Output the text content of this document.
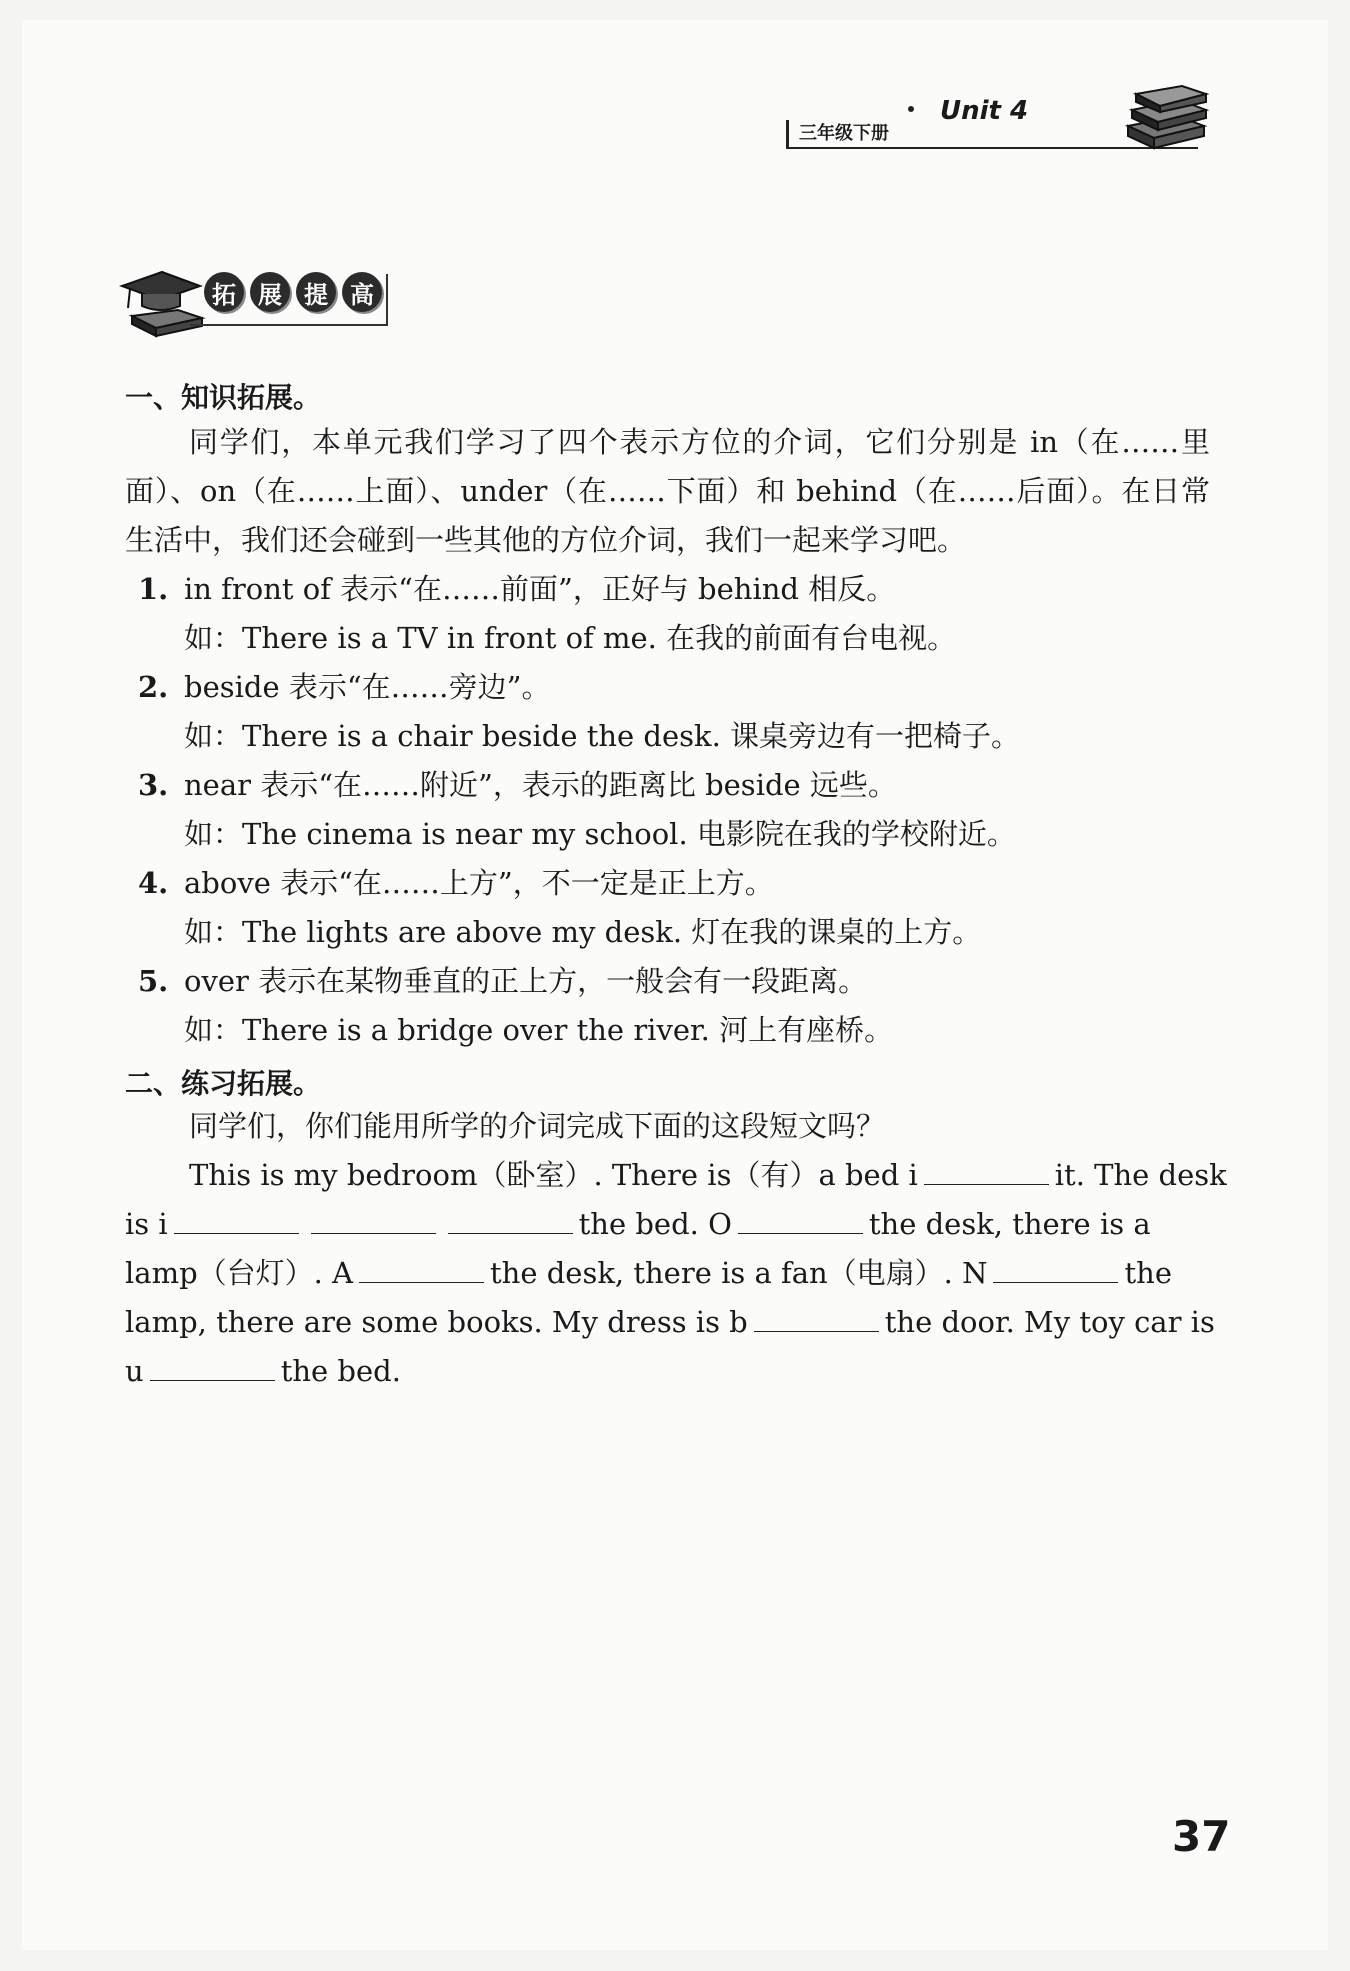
三年级下册
Unit 4
拓 展 提 高
一、知识拓展。

同学们，本单元我们学习了四个表示方位的介词，它们分别是 in（在……里面）、on（在……上面）、under（在……下面）和 behind（在……后面）。在日常生活中，我们还会碰到一些其他的方位介词，我们一起来学习吧。

1. in front of 表示“在……前面”，正好与 behind 相反。
如：There is a TV in front of me. 在我的前面有台电视。
2. beside 表示“在……旁边”。
如：There is a chair beside the desk. 课桌旁边有一把椅子。
3. near 表示“在……附近”，表示的距离比 beside 远些。
如：The cinema is near my school. 电影院在我的学校附近。
4. above 表示“在……上方”，不一定是正上方。
如：The lights are above my desk. 灯在我的课桌的上方。
5. over 表示在某物垂直的正上方，一般会有一段距离。
如：There is a bridge over the river. 河上有座桥。
二、练习拓展。
同学们，你们能用所学的介词完成下面的这段短文吗？
This is my bedroom（卧室）. There is（有）a bed i	it. The desk
is i	the bed. O	the desk, there is a
lamp（台灯）. A	the desk, there is a fan（电扇）. N	the
lamp, there are some books. My dress is b	the door. My toy car is
u	the bed.
37
